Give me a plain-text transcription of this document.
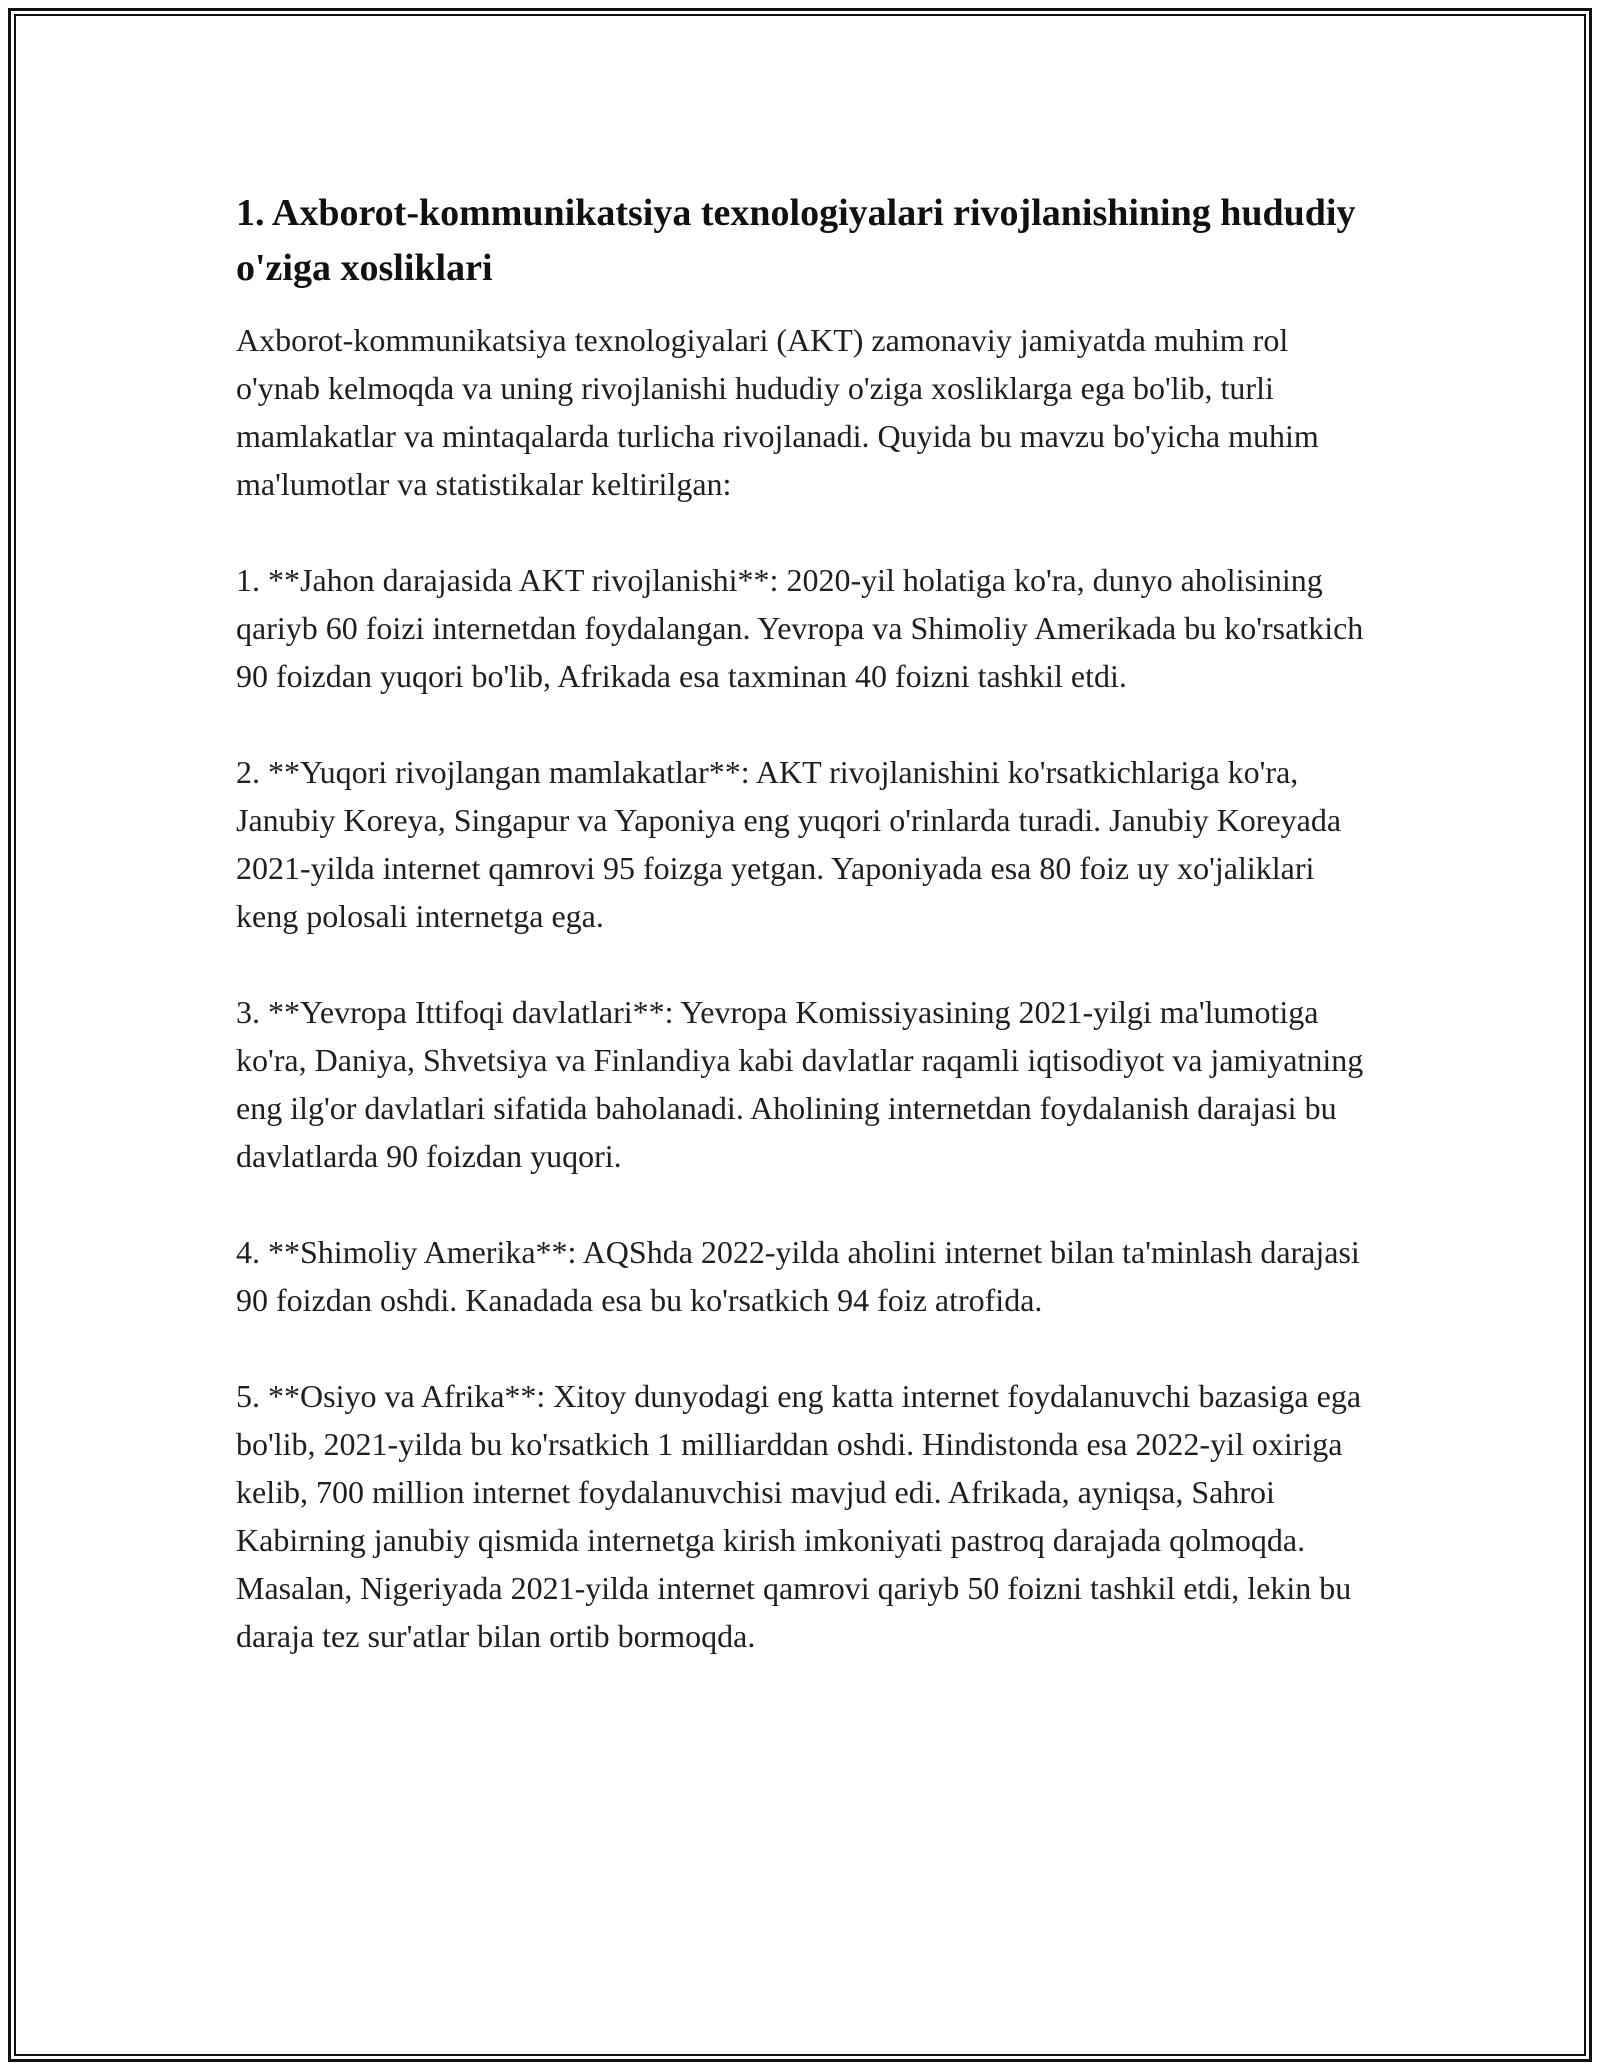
1. Axborot-kommunikatsiya texnologiyalari rivojlanishining hududiy o'ziga xosliklari

Axborot-kommunikatsiya texnologiyalari (AKT) zamonaviy jamiyatda muhim rol o'ynab kelmoqda va uning rivojlanishi hududiy o'ziga xosliklarga ega bo'lib, turli mamlakatlar va mintaqalarda turlicha rivojlanadi. Quyida bu mavzu bo'yicha muhim ma'lumotlar va statistikalar keltirilgan:

1. **Jahon darajasida AKT rivojlanishi**: 2020-yil holatiga ko'ra, dunyo aholisining qariyb 60 foizi internetdan foydalangan. Yevropa va Shimoliy Amerikada bu ko'rsatkich 90 foizdan yuqori bo'lib, Afrikada esa taxminan 40 foizni tashkil etdi.

2. **Yuqori rivojlangan mamlakatlar**: AKT rivojlanishini ko'rsatkichlariga ko'ra, Janubiy Koreya, Singapur va Yaponiya eng yuqori o'rinlarda turadi. Janubiy Koreyada 2021-yilda internet qamrovi 95 foizga yetgan. Yaponiyada esa 80 foiz uy xo'jaliklari keng polosali internetga ega.

3. **Yevropa Ittifoqi davlatlari**: Yevropa Komissiyasining 2021-yilgi ma'lumotiga ko'ra, Daniya, Shvetsiya va Finlandiya kabi davlatlar raqamli iqtisodiyot va jamiyatning eng ilg'or davlatlari sifatida baholanadi. Aholining internetdan foydalanish darajasi bu davlatlarda 90 foizdan yuqori.

4. **Shimoliy Amerika**: AQShda 2022-yilda aholini internet bilan ta'minlash darajasi 90 foizdan oshdi. Kanadada esa bu ko'rsatkich 94 foiz atrofida.

5. **Osiyo va Afrika**: Xitoy dunyodagi eng katta internet foydalanuvchi bazasiga ega bo'lib, 2021-yilda bu ko'rsatkich 1 milliarddan oshdi. Hindistonda esa 2022-yil oxiriga kelib, 700 million internet foydalanuvchisi mavjud edi. Afrikada, ayniqsa, Sahroi Kabirning janubiy qismida internetga kirish imkoniyati pastroq darajada qolmoqda. Masalan, Nigeriyada 2021-yilda internet qamrovi qariyb 50 foizni tashkil etdi, lekin bu daraja tez sur'atlar bilan ortib bormoqda.
